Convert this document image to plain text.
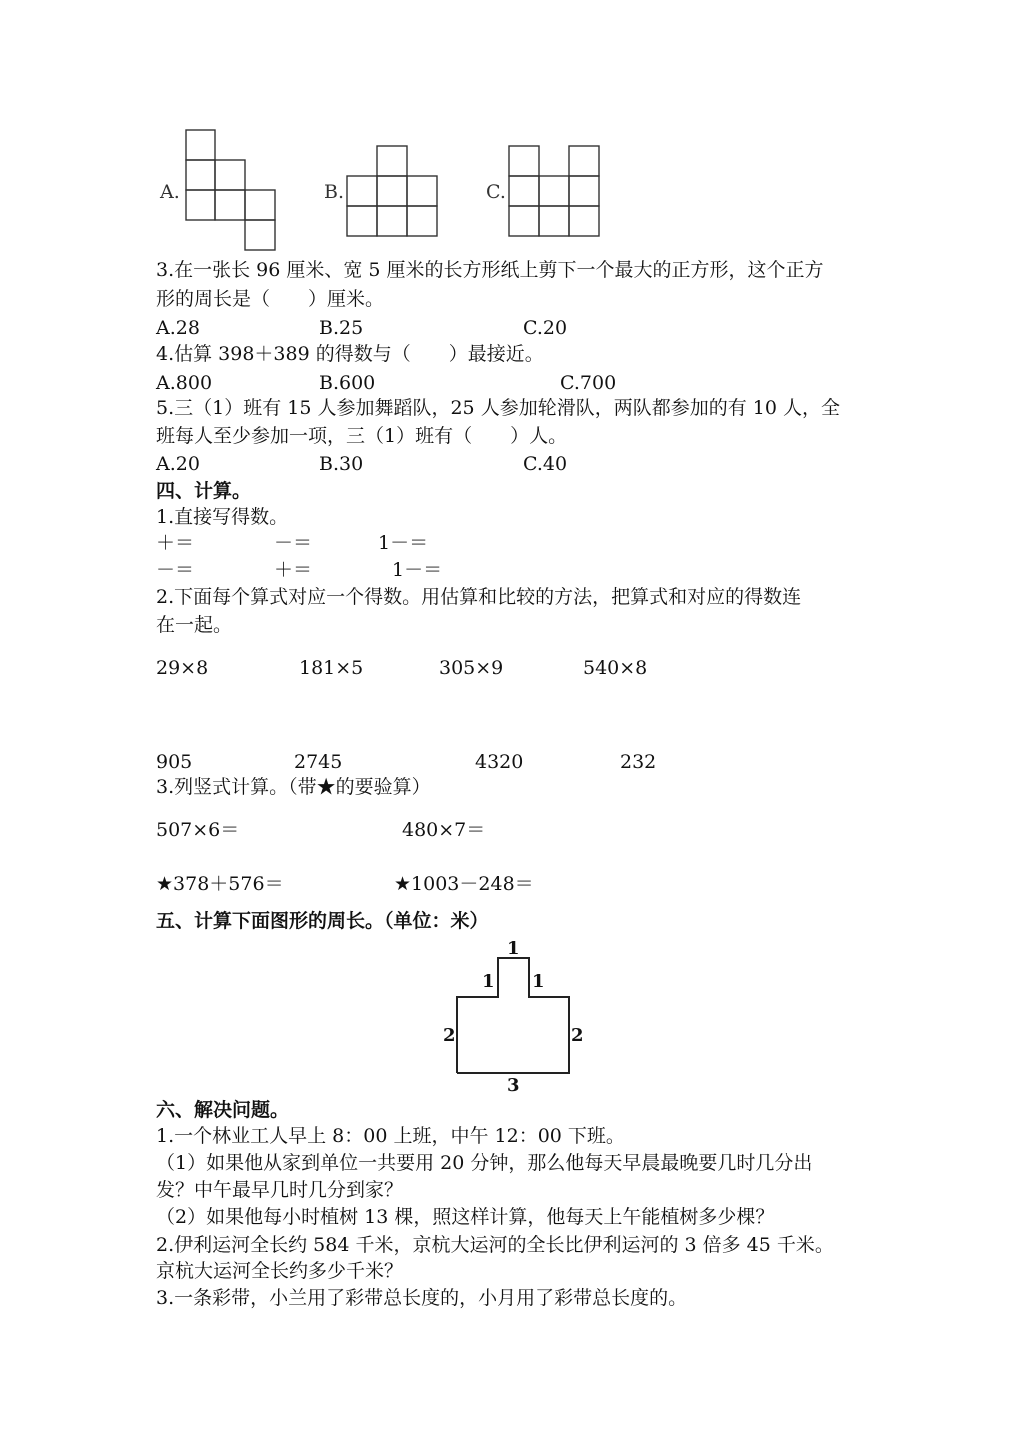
A.	B.	C.
3.在一张长 96 厘米、宽 5 厘米的长方形纸上剪下一个最大的正方形，这个正方
形的周长是（　　）厘米。
A.28	B.25	C.20
4.估算 398＋389 的得数与（　　）最接近。
A.800	B.600	C.700
5.三（1）班有 15 人参加舞蹈队，25 人参加轮滑队，两队都参加的有 10 人，全
班每人至少参加一项，三（1）班有（　　）人。
A.20	B.30	C.40
四、计算。
1.直接写得数。
＋＝	－＝	1－＝
－＝	＋＝	1－＝
2.下面每个算式对应一个得数。用估算和比较的方法，把算式和对应的得数连
在一起。
29×8	181×5	305×9	540×8
905	2745	4320	232
3.列竖式计算。（带★的要验算）
507×6＝	480×7＝
★378＋576＝	★1003－248＝
五、计算下面图形的周长。（单位：米）
1
1 1
2	2
3
六、解决问题。
1.一个林业工人早上 8：00 上班，中午 12：00 下班。
（1）如果他从家到单位一共要用 20 分钟，那么他每天早晨最晚要几时几分出
发？中午最早几时几分到家？
（2）如果他每小时植树 13 棵，照这样计算，他每天上午能植树多少棵？
2.伊利运河全长约 584 千米，京杭大运河的全长比伊利运河的 3 倍多 45 千米。
京杭大运河全长约多少千米？
3.一条彩带，小兰用了彩带总长度的，小月用了彩带总长度的。
